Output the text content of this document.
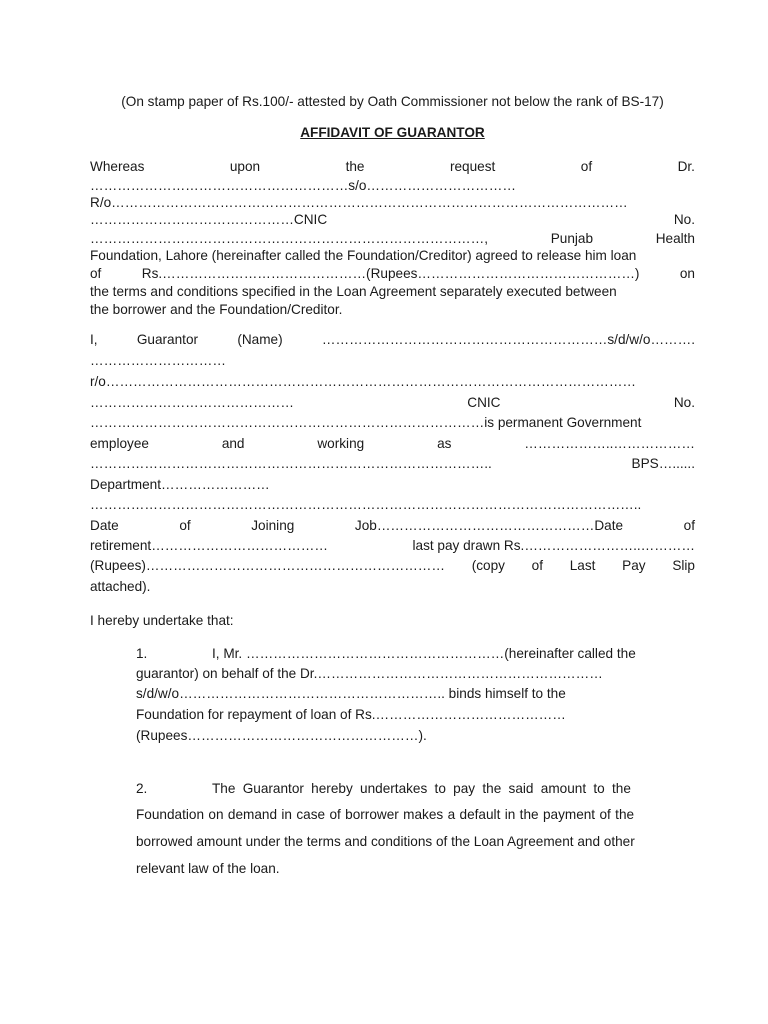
(On stamp paper of Rs.100/- attested by Oath Commissioner not below the rank of BS-17)
AFFIDAVIT OF GUARANTOR
Whereas	upon	the	request	of	Dr.
…………………………………………………s/o……………………………
R/o……………………………………………………………………………………………………
………………………………………CNIC	No.
……………………………………………………………………………,	Punjab	Health
Foundation, Lahore (hereinafter called the Foundation/Creditor) agreed to release him loan
of	Rs.………………………………………(Rupees…………………………………………)	on
the terms and conditions specified in the Loan Agreement separately executed between
the borrower and the Foundation/Creditor.
I,	Guarantor	(Name)	………………………………………………………s/d/w/o……….
…………………………
r/o………………………………………………………………………………………………………
………………………………………	CNIC	No.
……………………………………………………………………………is permanent Government
employee	and	working	as	………………..………………
……………………………………………………………………………..	BPS…......
Department……………………
…………………………………………………………………………………………………………..
Date	of	Joining	Job…………………………………………Date	of
retirement…………………………………	last pay drawn Rs.……………………..…………
(Rupees)………………………………………………………… (copy of Last Pay Slip
attached).
I hereby undertake that:
1.	I, Mr. …………………………………………………(hereinafter called the
guarantor) on behalf of the Dr.………………………………………………………
s/d/w/o………………………………………………….. binds himself to the
Foundation for repayment of loan of Rs.……………………………………
(Rupees……………………………………………).
2.	The Guarantor hereby undertakes to pay the said amount to the
Foundation on demand in case of borrower makes a default in the payment of the
borrowed amount under the terms and conditions of the Loan Agreement and other
relevant law of the loan.
